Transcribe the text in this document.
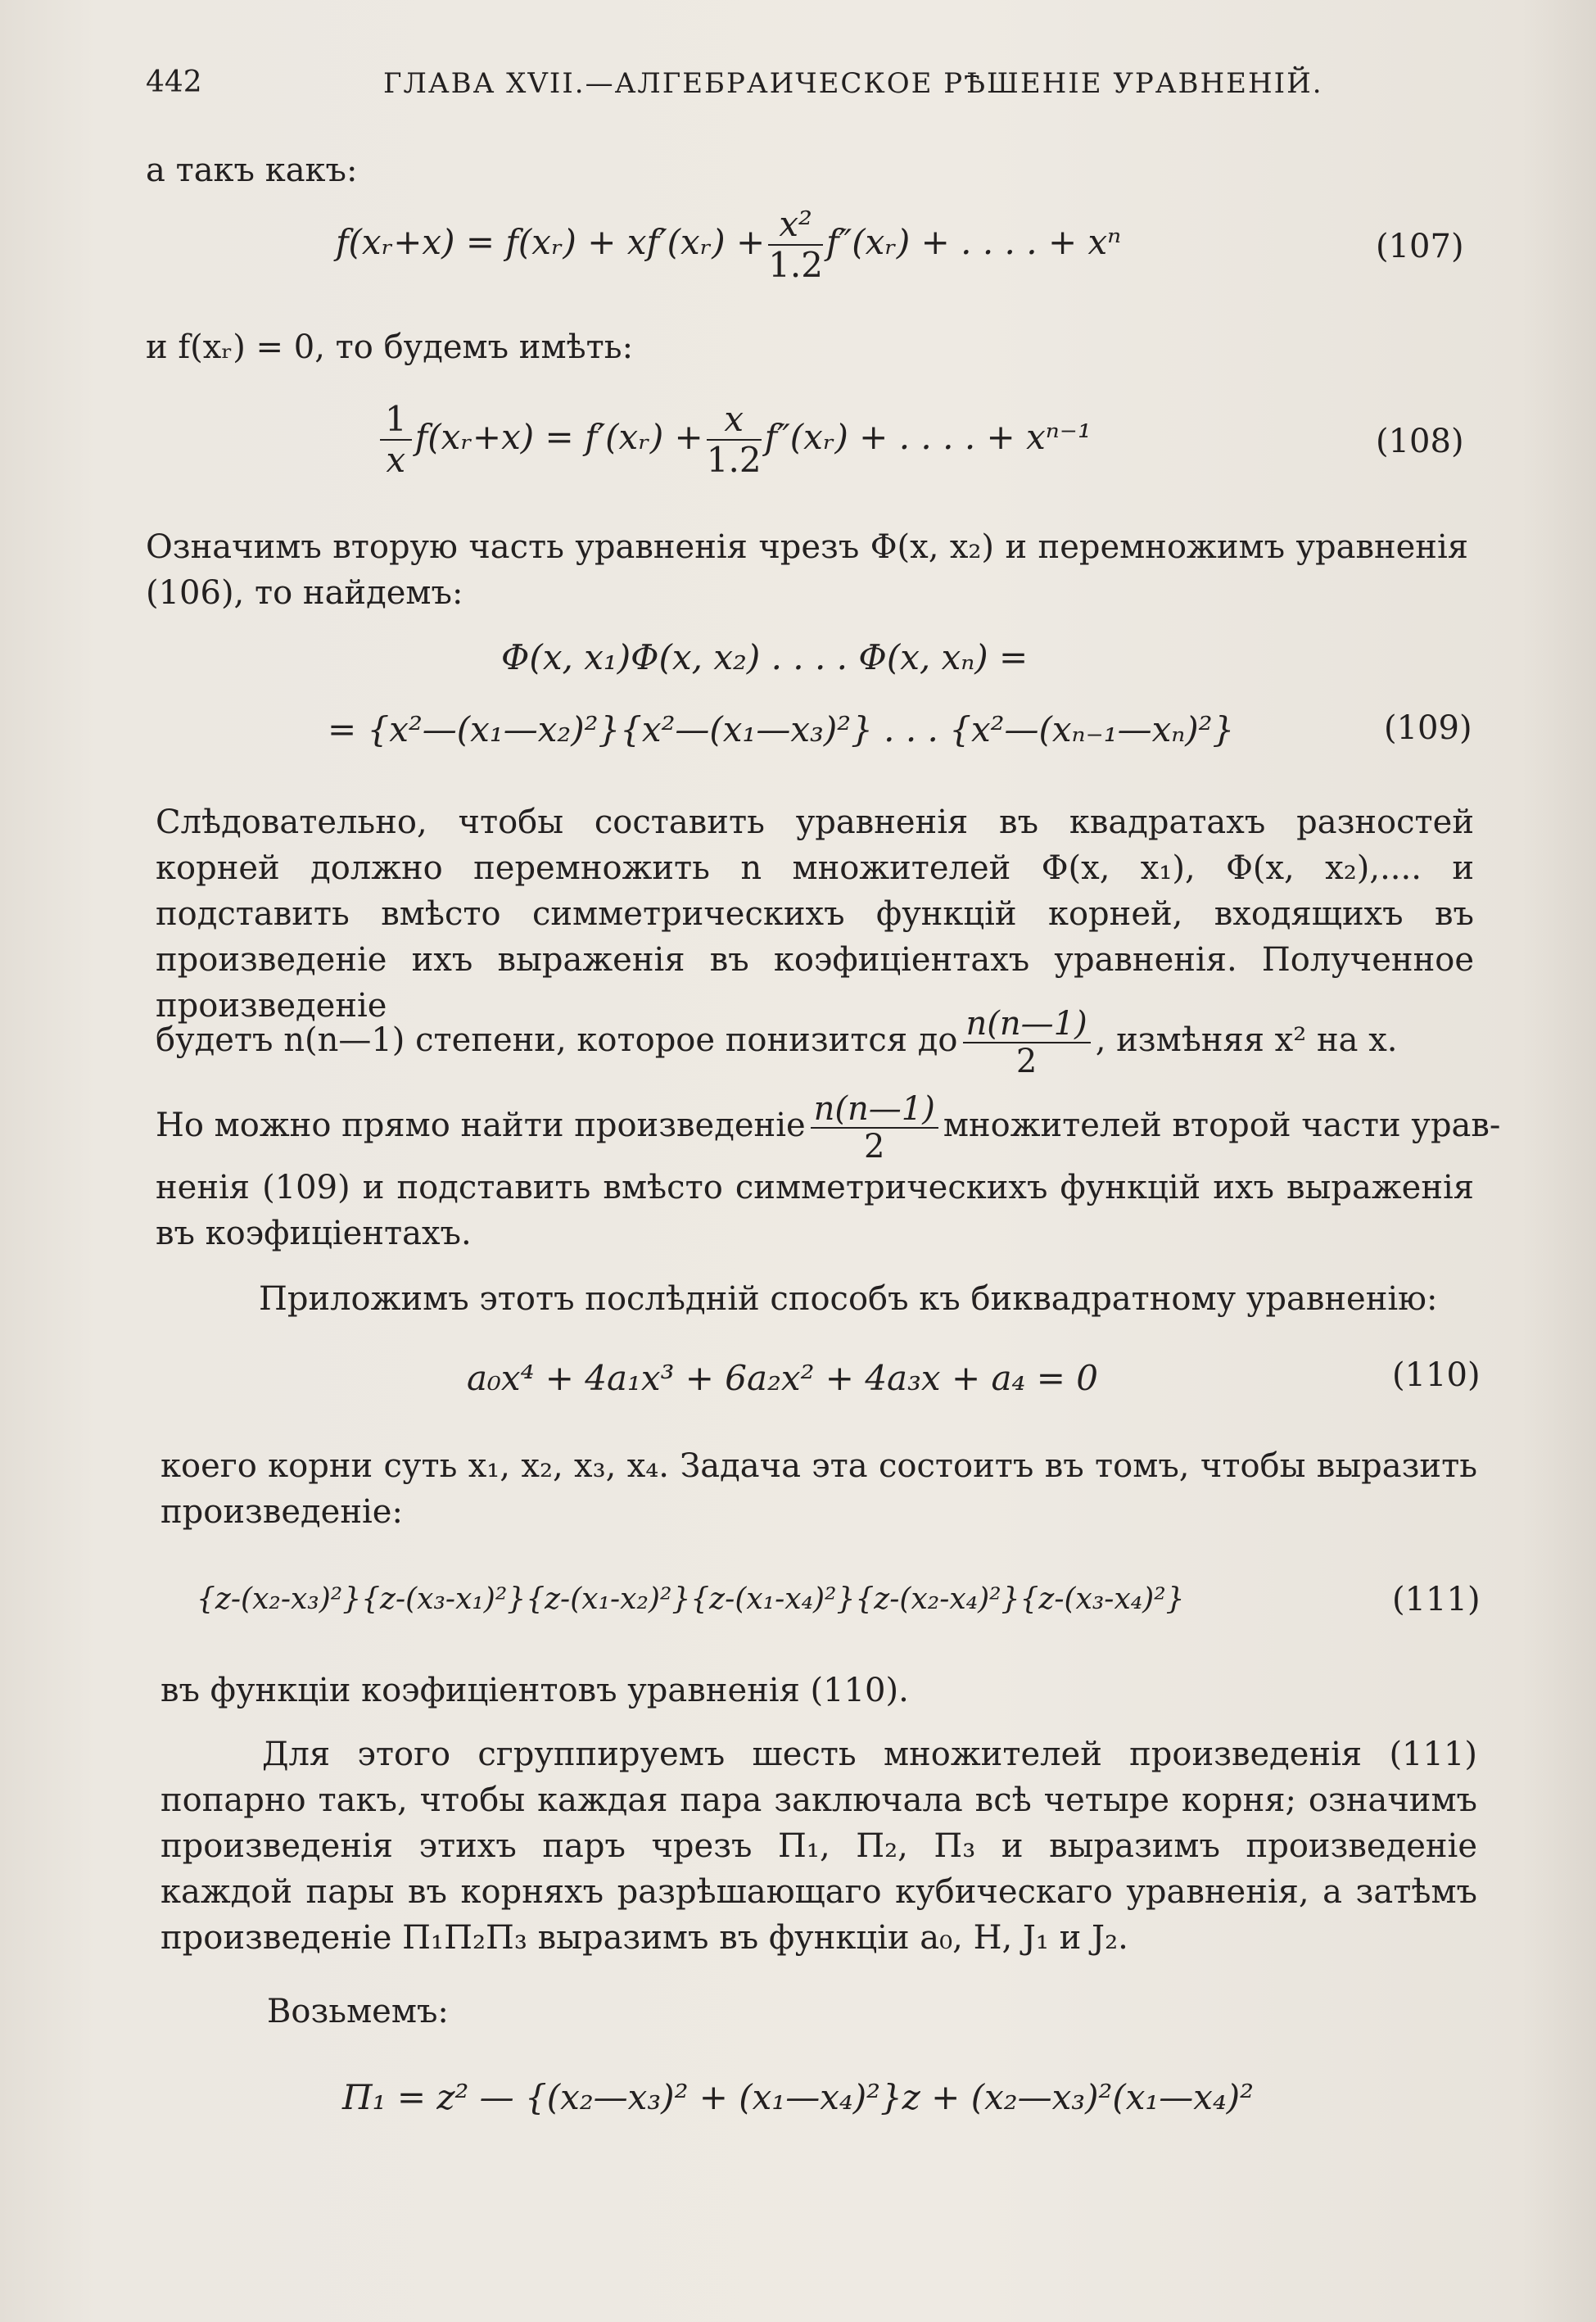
442	ГЛАВА XVII.—АЛГЕБРАИЧЕСКОЕ РѢШЕНІЕ УРАВНЕНІЙ.
а такъ какъ:
f(xᵣ+x) = f(xᵣ) + xf′(xᵣ) + $\frac{\text{x²}}{1.2}$ f″(xᵣ) + . . . . + xⁿ	(107)
и f(xᵣ) = 0, то будемъ имѣть:
$\frac{1}{x}$ f(xᵣ+x) = f′(xᵣ) + $\frac{x}{1.2}$ f″(xᵣ) + . . . . + xⁿ⁻¹	(108)

Означимъ вторую часть уравненія чрезъ Φ(x, x₂) и перемножимъ уравненія (106), то найдемъ:

Φ(x, x₁)Φ(x, x₂) . . . . Φ(x, xₙ) =
= {x²—(x₁—x₂)²}{x²—(x₁—x₃)²} . . . {x²—(xₙ₋₁—xₙ)²}	(109)

Слѣдовательно, чтобы составить уравненія въ квадратахъ разностей корней должно перемножить n множителей Φ(x, x₁), Φ(x, x₂),.... и подставить вмѣсто симметрическихъ функцій корней, входящихъ въ произведеніе ихъ выраженія въ коэфиціентахъ уравненія. Полученное произведеніе

будетъ n(n—1) степени, которое понизится до $\frac{n(n—1)}{2}$ , измѣняя x² на x.
Но можно прямо найти произведеніе $\frac{n(n—1)}{2}$ множителей второй части урав-

ненія (109) и подставить вмѣсто симметрическихъ функцій ихъ выраженія въ коэфиціентахъ.

Приложимъ этотъ послѣдній способъ къ биквадратному уравненію:
a₀x⁴ + 4a₁x³ + 6a₂x² + 4a₃x + a₄ = 0	(110)

коего корни суть x₁, x₂, x₃, x₄. Задача эта состоитъ въ томъ, чтобы выразить произведеніе:

{z-(x₂-x₃)²}{z-(x₃-x₁)²}{z-(x₁-x₂)²}{z-(x₁-x₄)²}{z-(x₂-x₄)²}{z-(x₃-x₄)²}	(111)
въ функціи коэфиціентовъ уравненія (110).

Для этого сгруппируемъ шесть множителей произведенія (111) попарно такъ, чтобы каждая пара заключала всѣ четыре корня; означимъ произведенія этихъ паръ чрезъ Π₁, Π₂, Π₃ и выразимъ произведеніе каждой пары въ корняхъ разрѣшающаго кубическаго уравненія, а затѣмъ произведеніе Π₁Π₂Π₃ выразимъ въ функціи a₀, H, J₁ и J₂.

Возьмемъ:
Π₁ = z² — {(x₂—x₃)² + (x₁—x₄)²}z + (x₂—x₃)²(x₁—x₄)²
